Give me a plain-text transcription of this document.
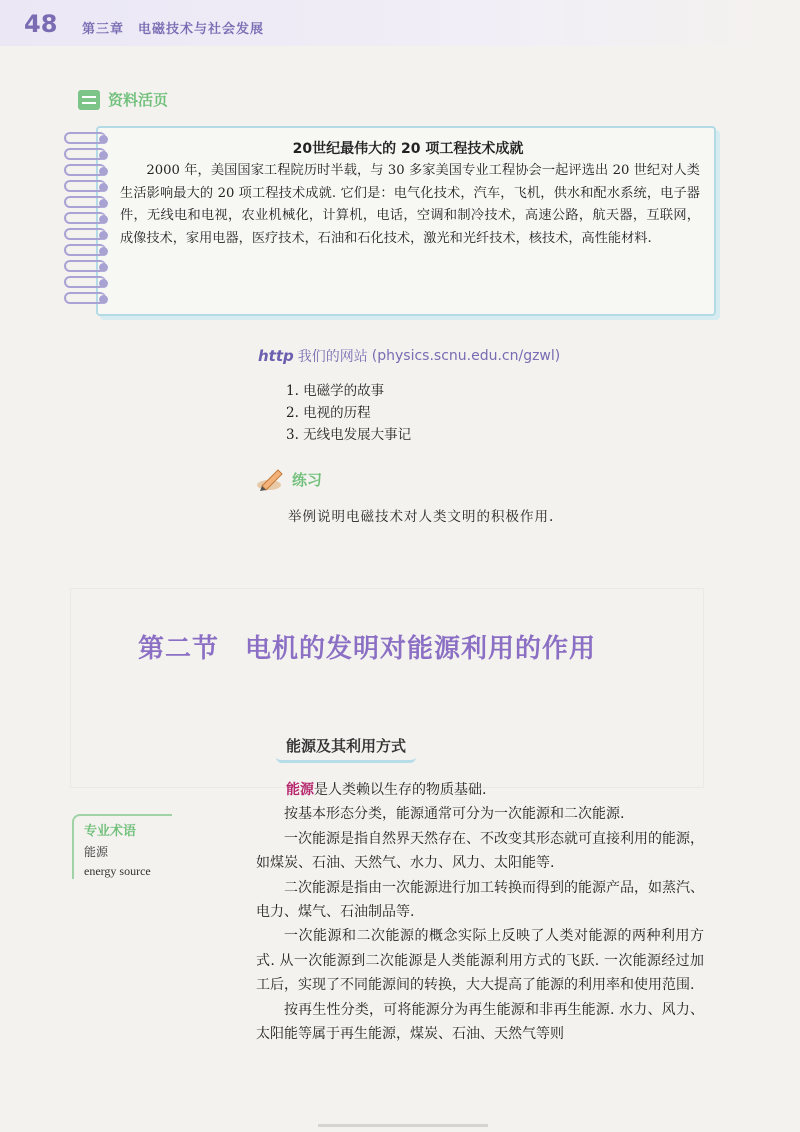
48 第三章 电磁技术与社会发展
资料活页
20世纪最伟大的 20 项工程技术成就
2000 年，美国国家工程院历时半载，与 30 多家美国专业工程协会一起评选出 20 世纪对人类生活影响最大的 20 项工程技术成就. 它们是：电气化技术，汽车，飞机，供水和配水系统，电子器件，无线电和电视，农业机械化，计算机，电话，空调和制冷技术，高速公路，航天器，互联网，成像技术，家用电器，医疗技术，石油和石化技术，激光和光纤技术，核技术，高性能材料.
http 我们的网站 (physics.scnu.edu.cn/gzwl)
1. 电磁学的故事
2. 电视的历程
3. 无线电发展大事记
练习
举例说明电磁技术对人类文明的积极作用.
第二节 电机的发明对能源利用的作用
能源及其利用方式
专业术语
能源
energy source

能源是人类赖以生存的物质基础.

按基本形态分类，能源通常可分为一次能源和二次能源.

一次能源是指自然界天然存在、不改变其形态就可直接利用的能源，如煤炭、石油、天然气、水力、风力、太阳能等.

二次能源是指由一次能源进行加工转换而得到的能源产品，如蒸汽、电力、煤气、石油制品等.

一次能源和二次能源的概念实际上反映了人类对能源的两种利用方式. 从一次能源到二次能源是人类能源利用方式的飞跃. 一次能源经过加工后，实现了不同能源间的转换，大大提高了能源的利用率和使用范围.

按再生性分类，可将能源分为再生能源和非再生能源. 水力、风力、太阳能等属于再生能源，煤炭、石油、天然气等则
